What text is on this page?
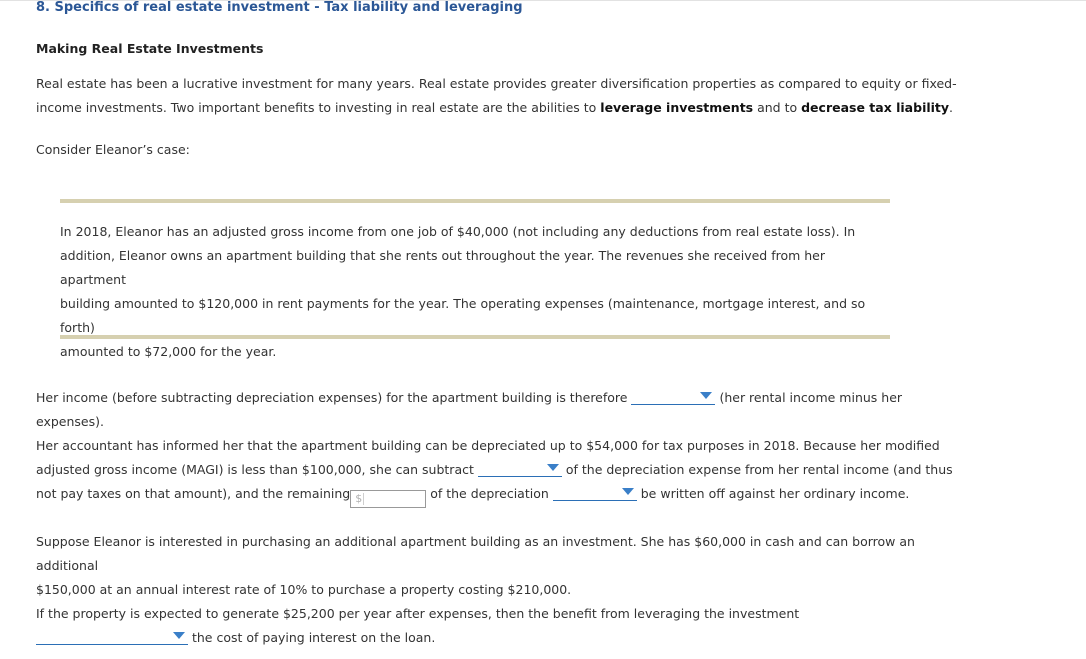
8. Specifics of real estate investment - Tax liability and leveraging
Making Real Estate Investments
Real estate has been a lucrative investment for many years. Real estate provides greater diversification properties as compared to equity or fixed-
income investments. Two important benefits to investing in real estate are the abilities to leverage investments and to decrease tax liability.
Consider Eleanor’s case:
In 2018, Eleanor has an adjusted gross income from one job of $40,000 (not including any deductions from real estate loss). In
addition, Eleanor owns an apartment building that she rents out throughout the year. The revenues she received from her apartment
building amounted to $120,000 in rent payments for the year. The operating expenses (maintenance, mortgage interest, and so forth)
amounted to $72,000 for the year.
Her income (before subtracting depreciation expenses) for the apartment building is therefore	(her rental income minus her expenses).
Her accountant has informed her that the apartment building can be depreciated up to $54,000 for tax purposes in 2018. Because her modified
adjusted gross income (MAGI) is less than $100,000, she can subtract	of the depreciation expense from her rental income (and thus
not pay taxes on that amount), and the remaining $	of the depreciation	be written off against her ordinary income.
Suppose Eleanor is interested in purchasing an additional apartment building as an investment. She has $60,000 in cash and can borrow an additional
$150,000 at an annual interest rate of 10% to purchase a property costing $210,000.
If the property is expected to generate $25,200 per year after expenses, then the benefit from leveraging the investment
the cost of paying interest on the loan.
